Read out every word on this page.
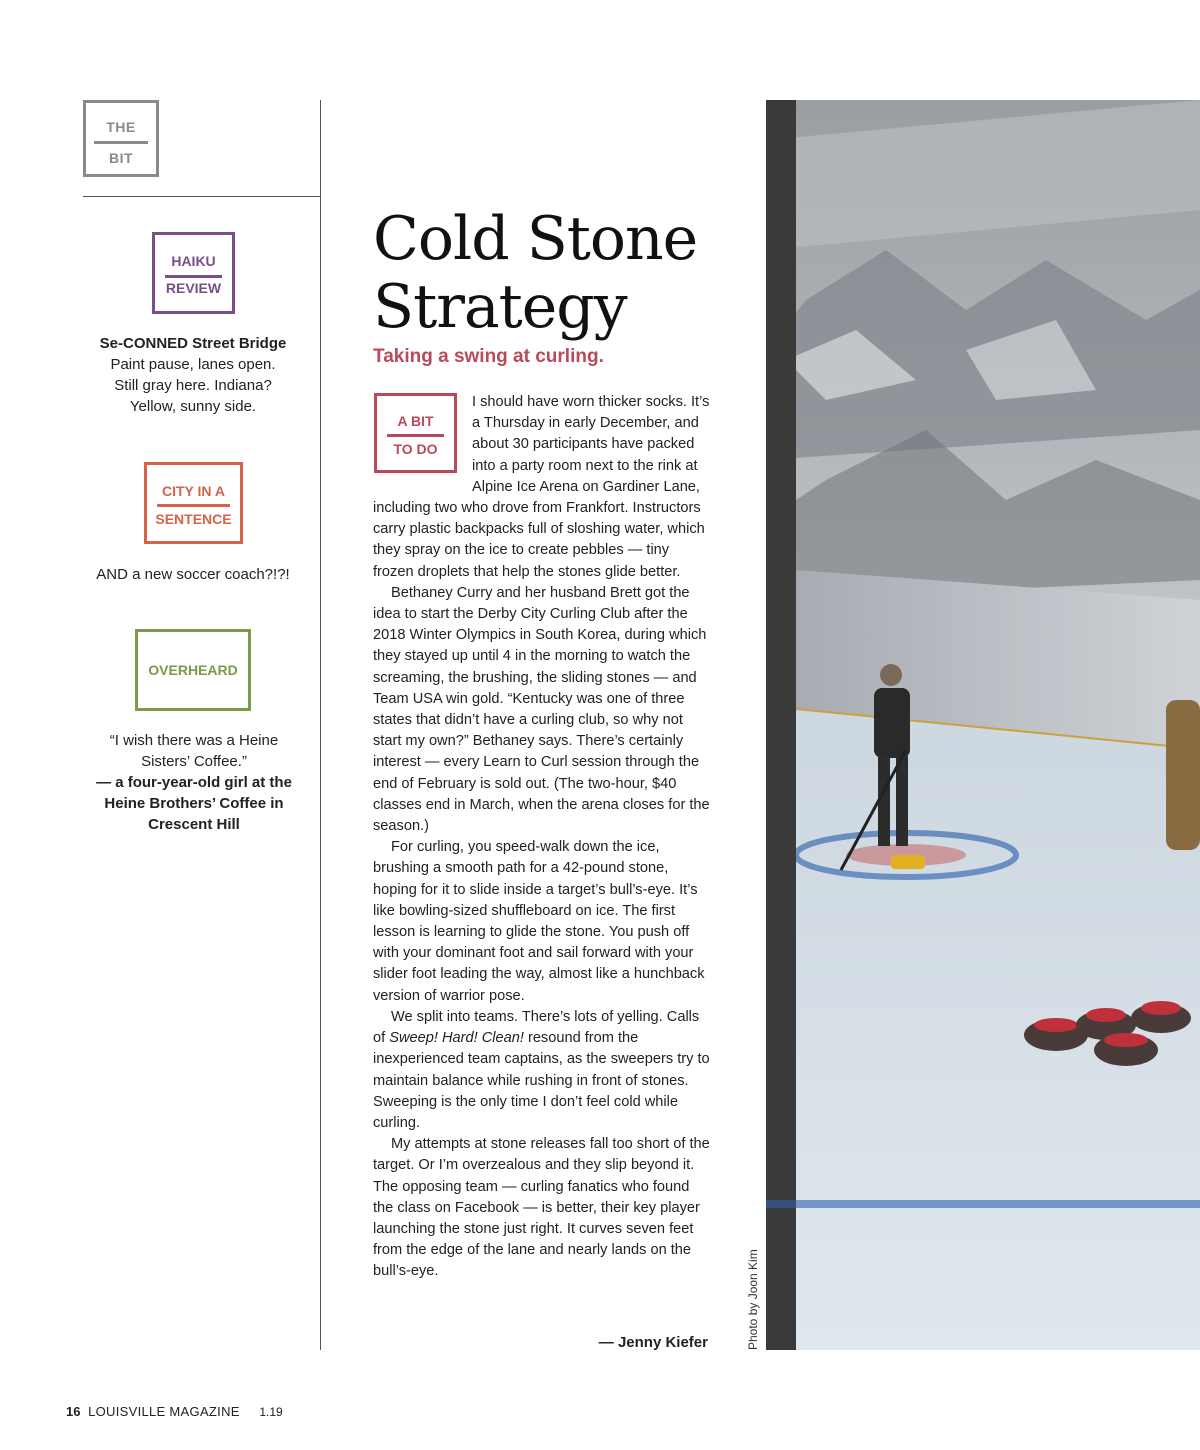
THE
BIT
HAIKU
REVIEW
Se-CONNED Street Bridge
Paint pause, lanes open.
Still gray here. Indiana?
Yellow, sunny side.
CITY IN A
SENTENCE
AND a new soccer coach?!?!
OVERHEARD
“I wish there was a Heine Sisters’ Coffee.”
— a four-year-old girl at the Heine Brothers’ Coffee in Crescent Hill
Cold Stone
Strategy
Taking a swing at curling.

I should have worn thicker socks. It’s a Thursday in early December, and about 30 participants have packed into a party room next to the rink at Alpine Ice Arena on Gardiner Lane, including two who drove from Frankfort. Instructors carry plastic backpacks full of sloshing water, which they spray on the ice to create pebbles — tiny frozen droplets that help the stones glide better.

Bethaney Curry and her husband Brett got the idea to start the Derby City Curling Club after the 2018 Winter Olympics in South Korea, during which they stayed up until 4 in the morning to watch the screaming, the brushing, the sliding stones — and Team USA win gold. “Kentucky was one of three states that didn’t have a curling club, so why not start my own?” Bethaney says. There’s certainly interest — every Learn to Curl session through the end of February is sold out. (The two-hour, $40 classes end in March, when the arena closes for the season.)

For curling, you speed-walk down the ice, brushing a smooth path for a 42-pound stone, hoping for it to slide inside a target’s bull’s-eye. It’s like bowling-sized shuffleboard on ice. The first lesson is learning to glide the stone. You push off with your dominant foot and sail forward with your slider foot leading the way, almost like a hunchback version of warrior pose.

We split into teams. There’s lots of yelling. Calls of Sweep! Hard! Clean! resound from the inexperienced team captains, as the sweepers try to maintain balance while rushing in front of stones. Sweeping is the only time I don’t feel cold while curling.

My attempts at stone releases fall too short of the target. Or I’m overzealous and they slip beyond it. The opposing team — curling fanatics who found the class on Facebook — is better, their key player launching the stone just right. It curves seven feet from the edge of the lane and nearly lands on the bull’s-eye.

A BIT
TO DO
— Jenny Kiefer	Photo by Joon Kim
16 LOUISVILLE MAGAZINE 1.19
